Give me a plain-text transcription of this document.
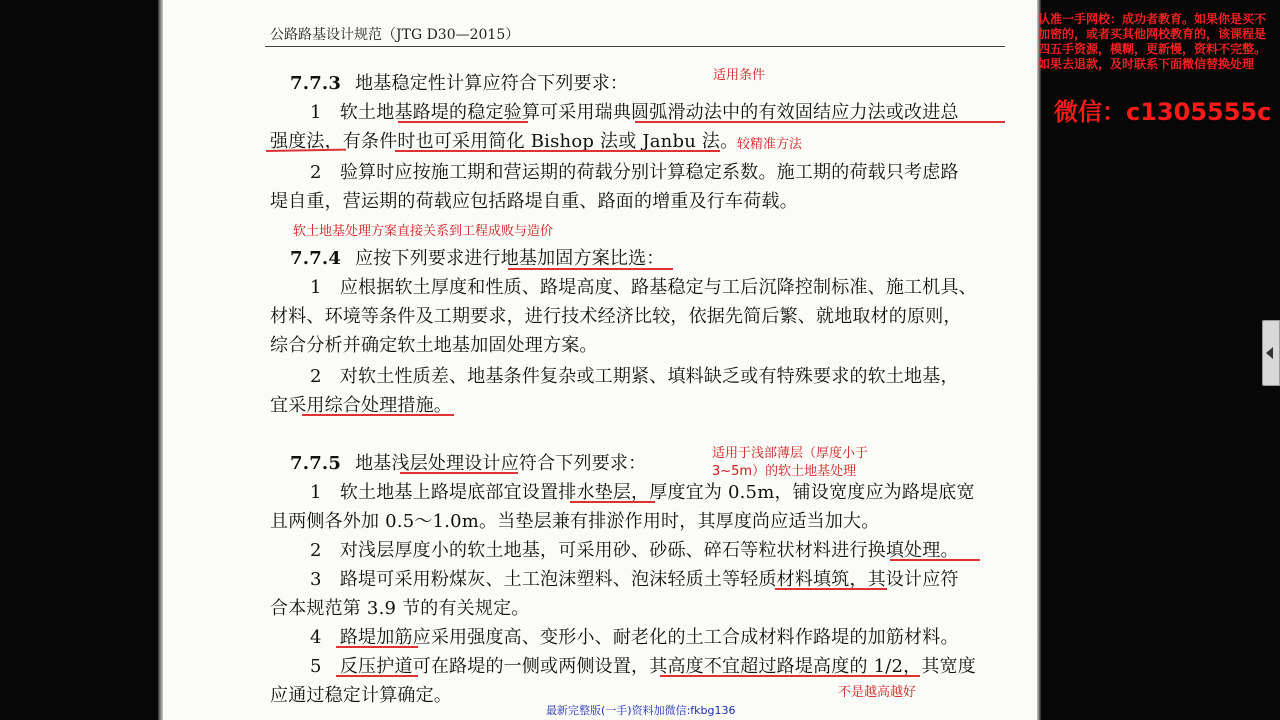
公路路基设计规范（JTG D30—2015）
7.7.3 地基稳定性计算应符合下列要求：
1　软土地基路堤的稳定验算可采用瑞典圆弧滑动法中的有效固结应力法或改进总
强度法，有条件时也可采用简化 Bishop 法或 Janbu 法。
2　验算时应按施工期和营运期的荷载分别计算稳定系数。施工期的荷载只考虑路
堤自重，营运期的荷载应包括路堤自重、路面的增重及行车荷载。
7.7.4 应按下列要求进行地基加固方案比选：
1　应根据软土厚度和性质、路堤高度、路基稳定与工后沉降控制标准、施工机具、
材料、环境等条件及工期要求，进行技术经济比较，依据先简后繁、就地取材的原则，
综合分析并确定软土地基加固处理方案。
2　对软土性质差、地基条件复杂或工期紧、填料缺乏或有特殊要求的软土地基，
宜采用综合处理措施。
7.7.5 地基浅层处理设计应符合下列要求：
1　软土地基上路堤底部宜设置排水垫层，厚度宜为 0.5m，铺设宽度应为路堤底宽
且两侧各外加 0.5～1.0m。当垫层兼有排淤作用时，其厚度尚应适当加大。
2　对浅层厚度小的软土地基，可采用砂、砂砾、碎石等粒状材料进行换填处理。
3　路堤可采用粉煤灰、土工泡沫塑料、泡沫轻质土等轻质材料填筑，其设计应符
合本规范第 3.9 节的有关规定。
4　路堤加筋应采用强度高、变形小、耐老化的土工合成材料作路堤的加筋材料。
5　反压护道可在路堤的一侧或两侧设置，其高度不宜超过路堤高度的 1/2，其宽度
应通过稳定计算确定。
适用条件
较精准方法
软土地基处理方案直接关系到工程成败与造价
适用于浅部薄层（厚度小于
3~5m）的软土地基处理
不是越高越好
认准一手网校：成功者教育。如果你是买不加密的，或者买其他网校教育的，该课程是四五手资源，模糊，更新慢，资料不完整。如果去退款，及时联系下面微信替换处理
微信：c1305555c
最新完整版(一手)资料加微信:fkbg136
